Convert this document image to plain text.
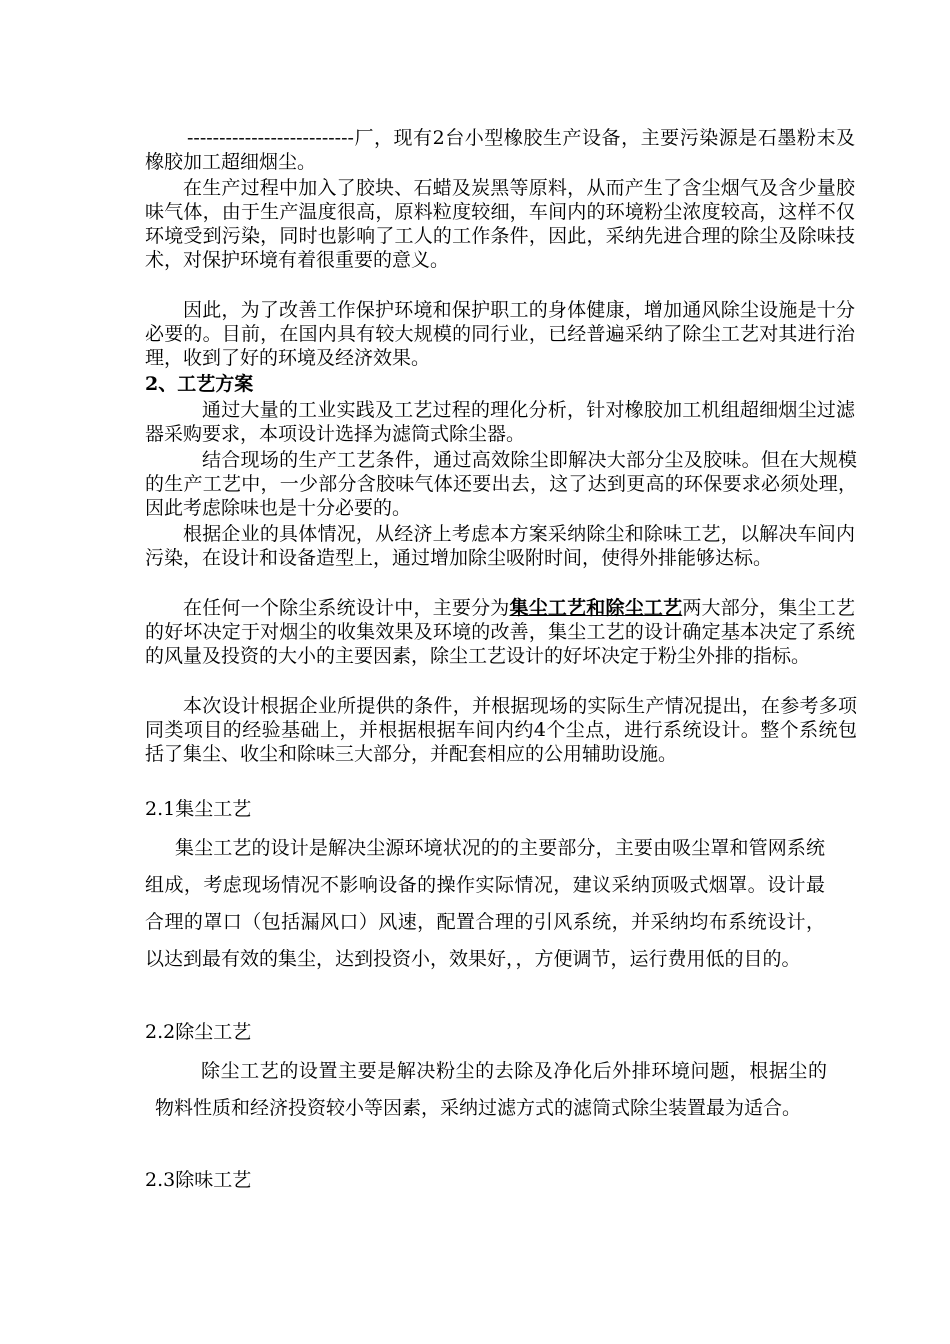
--------------------------厂，现有2台小型橡胶生产设备，主要污染源是石墨粉末及橡胶加工超细烟尘。

在生产过程中加入了胶块、石蜡及炭黑等原料，从而产生了含尘烟气及含少量胶味气体，由于生产温度很高，原料粒度较细，车间内的环境粉尘浓度较高，这样不仅环境受到污染，同时也影响了工人的工作条件，因此，采纳先进合理的除尘及除味技术，对保护环境有着很重要的意义。

因此，为了改善工作保护环境和保护职工的身体健康，增加通风除尘设施是十分必要的。目前，在国内具有较大规模的同行业，已经普遍采纳了除尘工艺对其进行治理，收到了好的环境及经济效果。

2、工艺方案

通过大量的工业实践及工艺过程的理化分析，针对橡胶加工机组超细烟尘过滤器采购要求，本项设计选择为滤筒式除尘器。

结合现场的生产工艺条件，通过高效除尘即解决大部分尘及胶味。但在大规模的生产工艺中，一少部分含胶味气体还要出去，这了达到更高的环保要求必须处理，因此考虑除味也是十分必要的。

根据企业的具体情况，从经济上考虑本方案采纳除尘和除味工艺，以解决车间内污染，在设计和设备造型上，通过增加除尘吸附时间，使得外排能够达标。

在任何一个除尘系统设计中，主要分为集尘工艺和除尘工艺两大部分，集尘工艺的好坏决定于对烟尘的收集效果及环境的改善，集尘工艺的设计确定基本决定了系统的风量及投资的大小的主要因素，除尘工艺设计的好坏决定于粉尘外排的指标。

本次设计根据企业所提供的条件，并根据现场的实际生产情况提出，在参考多项同类项目的经验基础上，并根据根据车间内约4个尘点，进行系统设计。整个系统包括了集尘、收尘和除味三大部分，并配套相应的公用辅助设施。

2.1集尘工艺

集尘工艺的设计是解决尘源环境状况的的主要部分，主要由吸尘罩和管网系统组成，考虑现场情况不影响设备的操作实际情况，建议采纳顶吸式烟罩。设计最合理的罩口（包括漏风口）风速，配置合理的引风系统，并采纳均布系统设计，以达到最有效的集尘，达到投资小，效果好，，方便调节，运行费用低的目的。

2.2除尘工艺

除尘工艺的设置主要是解决粉尘的去除及净化后外排环境问题，根据尘的物料性质和经济投资较小等因素，采纳过滤方式的滤筒式除尘装置最为适合。

2.3除味工艺
